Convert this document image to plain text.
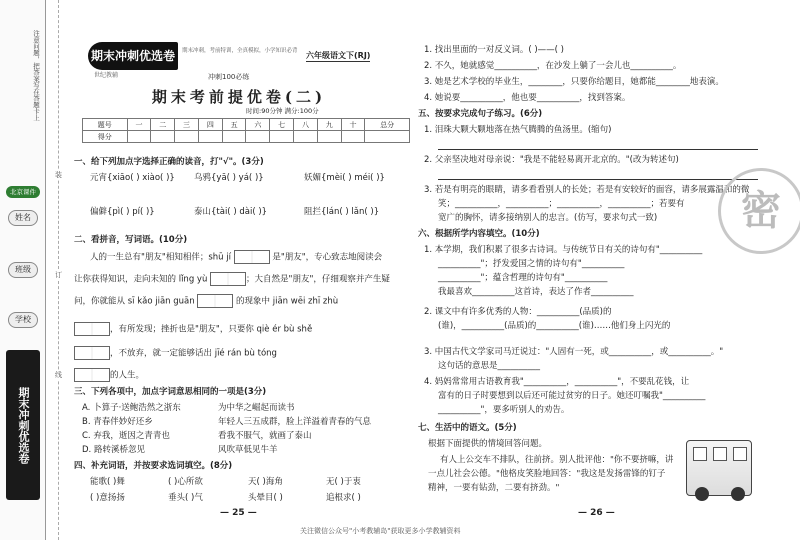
注意问题，把答案写在答题卡上
北京课件
姓名
班级
学校
期末冲刺优选卷
装
订
线
期末冲刺优选卷
世纪教辅
期末冲刺，考前特训，全真模拟，小学知识必背	六年级语文下(RJ)
冲刺100必练
期末考前提优卷(二)
时间:90分钟 满分:100分
题号	一	二	三	四	五	六	七	八	九	十	总分
得分											
一、给下列加点字选择正确的读音，打"√"。(3分)
元宵{xiāo( ) xiào( )} 乌鸦{yā( ) yá( )}	妖媚{mèi( ) méi( )}
偏僻{pì( ) pí( )}	泰山{tài( ) dài( )}	阻拦{lán( ) lǎn( )}
二、看拼音，写词语。(10分)
人的一生总有"朋友"相知相伴；shū jí	是"朋友"，专心致志地阅读会
让你获得知识，走向未知的 lǐng yù	；大自然是"朋友"，仔细观察并产生疑
问，你就能从 sī kǎo jiān guān	的现象中 jiān wēi zhī zhù
，有所发现；挫折也是"朋友"，只要你 qiè ér bù shě
，不放弃，就一定能够话出 jīé rán bù tóng
的人生。
三、下列各项中，加点字词意思相同的一项是(3分)
A. 卜算子·送鲍浩然之浙东	为中华之崛起而读书
B. 青春伴妙好还乡	年轻人三五成群，脸上洋溢着青春的气息
C. 弃我，逝因之青青也	看我不服气，就画了泰山
D. 路转溪桥忽见	风吹草低见牛羊
四、补充词语，并按要求选词填空。(8分)
能歌( )舞	( )心所欲	天( )海角	无( )于衷
( )意扬扬	垂头( )气	头晕目( )	追根求( )
— 25 —
1. 找出里面的一对反义词。( )——( )
2. 不久，她就感觉__________，在沙发上躺了一会儿也__________。
3. 她是艺术学校的毕业生，________，只要你给题目，她都能________地表演。
4. 她说要__________，他也要__________，找到答案。
五、按要求完成句子练习。(6分)
1. 泪珠大颗大颗地落在热气腾腾的鱼汤里。(缩句)
2. 父亲坚决地对母亲说："我是不能轻易离开北京的。"(改为转述句)
3. 若是有明亮的眼睛，请多看看别人的长处；若是有安较好的面容，请多展露温和的微
笑；__________，__________；__________，__________；若要有
宽广的胸怀，请多接纳别人的忠言。(仿写，要求句式一致)
六、根据所学内容填空。(10分)
1. 本学期，我们积累了很多古诗词。与传统节日有关的诗句有"__________
__________"；抒发爱国之情的诗句有"__________
__________"；蕴含哲理的诗句有"__________
我最喜欢__________这首诗，表达了作者__________
2. 课文中有许多优秀的人物：__________(品质)的
(谁)，__________(品质)的__________(谁)……他们身上闪光的
3. 中国古代文学家司马迁说过："人固有一死，或__________，或__________。"
这句话的意思是__________
4. 妈妈常常用古语教育我"__________，__________"，不要乱花钱，让
富有的日子时要想到以后还可能过贫穷的日子。她还叮嘱我"__________
__________"，要多听别人的劝告。
七、生活中的语文。(5分)
根据下面提供的情境回答问题。
有人上公交车不排队，往前挤。别人批评他："你不要挤嘛，讲
一点儿社会公德。"他格皮笑脸地回答："我这是发扬雷锋的钉子
精神，一要有钻劲，二要有挤劲。"
— 26 —
密
关注微信公众号"小考教辅岛"获取更多小学教辅资料
